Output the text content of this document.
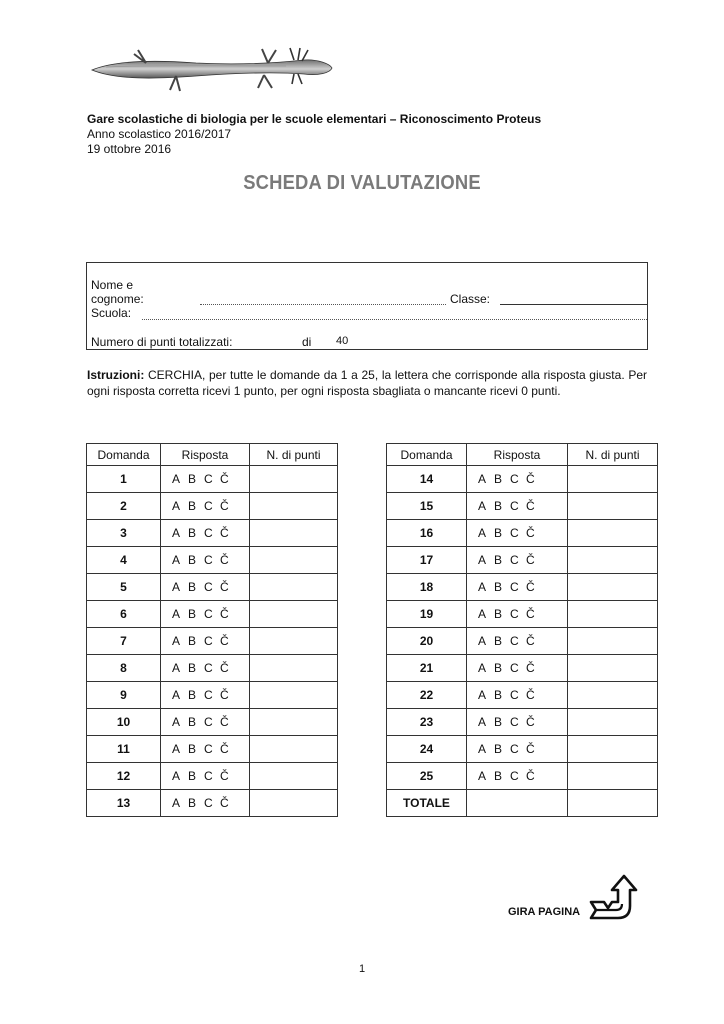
Gare scolastiche di biologia per le scuole elementari – Riconoscimento Proteus
Anno scolastico 2016/2017
19 ottobre 2016
SCHEDA DI VALUTAZIONE
Nome e
cognome:	Classe:
Scuola:
Numero di punti totalizzati:	di 40
Istruzioni: CERCHIA, per tutte le domande da 1 a 25, la lettera che corrisponde alla risposta giusta. Per ogni risposta corretta ricevi 1 punto, per ogni risposta sbagliata o mancante ricevi 0 punti.
Domanda	Risposta	N. di punti
1	A B C Č	
2	A B C Č	
3	A B C Č	
4	A B C Č	
5	A B C Č	
6	A B C Č	
7	A B C Č	
8	A B C Č	
9	A B C Č	
10	A B C Č	
11	A B C Č	
12	A B C Č	
13	A B C Č	
Domanda	Risposta	N. di punti
14	A B C Č	
15	A B C Č	
16	A B C Č	
17	A B C Č	
18	A B C Č	
19	A B C Č	
20	A B C Č	
21	A B C Č	
22	A B C Č	
23	A B C Č	
24	A B C Č	
25	A B C Č	
TOTALE		
GIRA PAGINA
1
